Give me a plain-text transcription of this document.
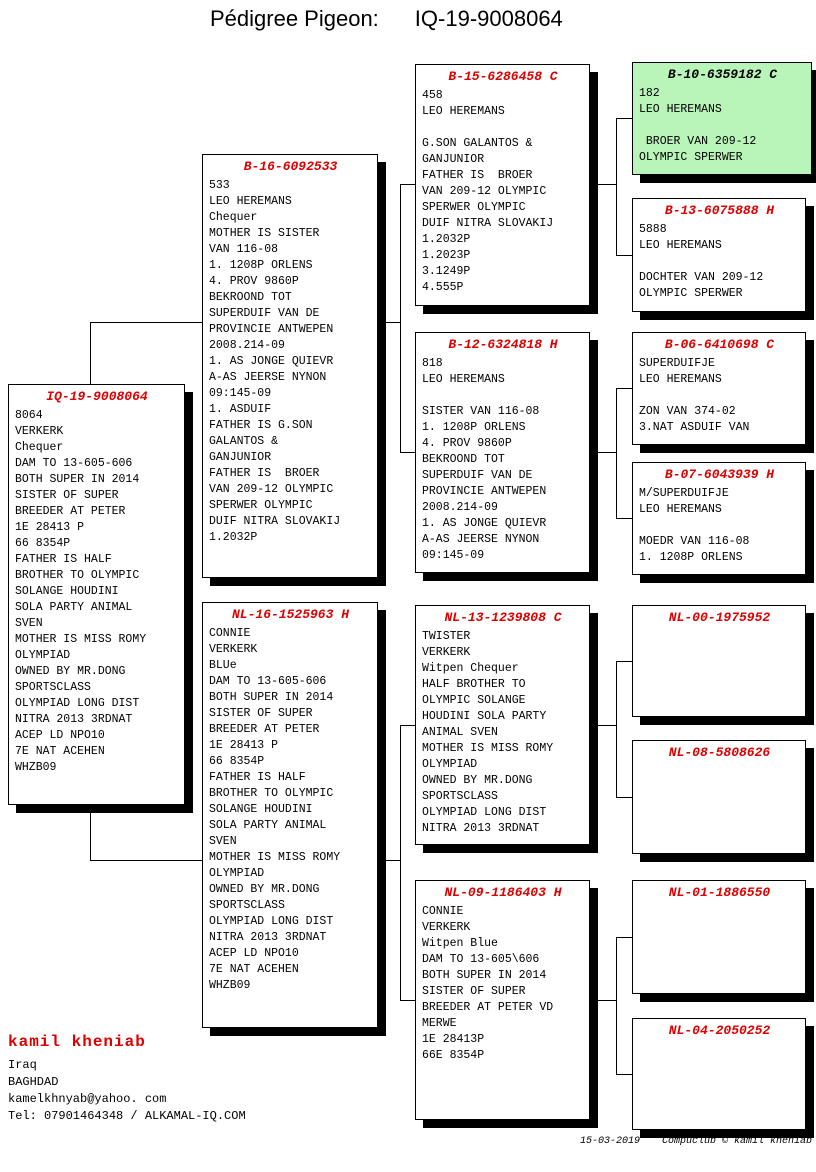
Pédigree Pigeon: IQ-19-9008064
IQ-19-9008064
8064
VERKERK
Chequer
DAM TO 13-605-606
BOTH SUPER IN 2014
SISTER OF SUPER
BREEDER AT PETER
1E 28413 P
66 8354P
FATHER IS HALF
BROTHER TO OLYMPIC
SOLANGE HOUDINI
SOLA PARTY ANIMAL
SVEN
MOTHER IS MISS ROMY
OLYMPIAD
OWNED BY MR.DONG
SPORTSCLASS
OLYMPIAD LONG DIST
NITRA 2013 3RDNAT
ACEP LD NPO10
7E NAT ACEHEN
WHZB09
B-16-6092533
533
LEO HEREMANS
Chequer
MOTHER IS SISTER
VAN 116-08
1. 1208P ORLENS
4. PROV 9860P
BEKROOND TOT
SUPERDUIF VAN DE
PROVINCIE ANTWEPEN
2008.214-09
1. AS JONGE QUIEVR
A-AS JEERSE NYNON
09:145-09
1. ASDUIF
FATHER IS G.SON
GALANTOS &
GANJUNIOR
FATHER IS  BROER
VAN 209-12 OLYMPIC
SPERWER OLYMPIC
DUIF NITRA SLOVAKIJ
1.2032P
NL-16-1525963 H
CONNIE
VERKERK
BLUe
DAM TO 13-605-606
BOTH SUPER IN 2014
SISTER OF SUPER
BREEDER AT PETER
1E 28413 P
66 8354P
FATHER IS HALF
BROTHER TO OLYMPIC
SOLANGE HOUDINI
SOLA PARTY ANIMAL
SVEN
MOTHER IS MISS ROMY
OLYMPIAD
OWNED BY MR.DONG
SPORTSCLASS
OLYMPIAD LONG DIST
NITRA 2013 3RDNAT
ACEP LD NPO10
7E NAT ACEHEN
WHZB09
B-15-6286458 C
458
LEO HEREMANS

G.SON GALANTOS &
GANJUNIOR
FATHER IS  BROER
VAN 209-12 OLYMPIC
SPERWER OLYMPIC
DUIF NITRA SLOVAKIJ
1.2032P
1.2023P
3.1249P
4.555P
B-12-6324818 H
818
LEO HEREMANS

SISTER VAN 116-08
1. 1208P ORLENS
4. PROV 9860P
BEKROOND TOT
SUPERDUIF VAN DE
PROVINCIE ANTWEPEN
2008.214-09
1. AS JONGE QUIEVR
A-AS JEERSE NYNON
09:145-09
NL-13-1239808 C
TWISTER
VERKERK
Witpen Chequer
HALF BROTHER TO
OLYMPIC SOLANGE
HOUDINI SOLA PARTY
ANIMAL SVEN
MOTHER IS MISS ROMY
OLYMPIAD
OWNED BY MR.DONG
SPORTSCLASS
OLYMPIAD LONG DIST
NITRA 2013 3RDNAT
NL-09-1186403 H
CONNIE
VERKERK
Witpen Blue
DAM TO 13-605\606
BOTH SUPER IN 2014
SISTER OF SUPER
BREEDER AT PETER VD
MERWE
1E 28413P
66E 8354P
B-10-6359182 C
182
LEO HEREMANS

BROER VAN 209-12
OLYMPIC SPERWER
B-13-6075888 H
5888
LEO HEREMANS

DOCHTER VAN 209-12
OLYMPIC SPERWER
B-06-6410698 C
SUPERDUIFJE
LEO HEREMANS

ZON VAN 374-02
3.NAT ASDUIF VAN
B-07-6043939 H
M/SUPERDUIFJE
LEO HEREMANS

MOEDR VAN 116-08
1. 1208P ORLENS
NL-00-1975952
NL-08-5808626
NL-01-1886550
NL-04-2050252
kamil kheniab
Iraq
BAGHDAD
kamelkhnyab@yahoo. com
Tel: 07901464348 / ALKAMAL-IQ.COM
15-03-2019 Compuclub © kamil kheniab
